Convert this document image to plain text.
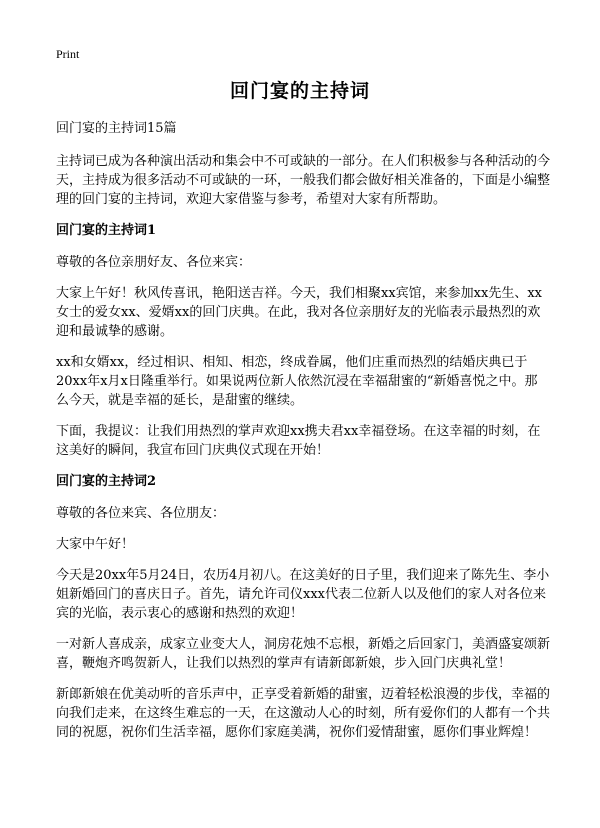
Print
回门宴的主持词

回门宴的主持词15篇

主持词已成为各种演出活动和集会中不可或缺的一部分。在人们积极参与各种活动的今天，主持成为很多活动不可或缺的一环，一般我们都会做好相关准备的，下面是小编整理的回门宴的主持词，欢迎大家借鉴与参考，希望对大家有所帮助。

回门宴的主持词1

尊敬的各位亲朋好友、各位来宾：

大家上午好！秋风传喜讯，艳阳送吉祥。今天，我们相聚xx宾馆，来参加xx先生、xx女士的爱女xx、爱婿xx的回门庆典。在此，我对各位亲朋好友的光临表示最热烈的欢迎和最诚挚的感谢。

xx和女婿xx，经过相识、相知、相恋，终成眷属，他们庄重而热烈的结婚庆典已于20xx年x月x日隆重举行。如果说两位新人依然沉浸在幸福甜蜜的“新婚喜悦之中。那么今天，就是幸福的延长，是甜蜜的继续。

下面，我提议：让我们用热烈的掌声欢迎xx携夫君xx幸福登场。在这幸福的时刻，在这美好的瞬间，我宣布回门庆典仪式现在开始！

回门宴的主持词2

尊敬的各位来宾、各位朋友：

大家中午好！

今天是20xx年5月24日，农历4月初八。在这美好的日子里，我们迎来了陈先生、李小姐新婚回门的喜庆日子。首先，请允许司仪xxx代表二位新人以及他们的家人对各位来宾的光临，表示衷心的感谢和热烈的欢迎！

一对新人喜成亲，成家立业变大人，洞房花烛不忘根，新婚之后回家门，美酒盛宴颂新喜，鞭炮齐鸣贺新人，让我们以热烈的掌声有请新郎新娘，步入回门庆典礼堂！

新郎新娘在优美动听的音乐声中，正享受着新婚的甜蜜，迈着轻松浪漫的步伐，幸福的向我们走来，在这终生难忘的一天，在这激动人心的时刻，所有爱你们的人都有一个共同的祝愿，祝你们生活幸福，愿你们家庭美满，祝你们爱情甜蜜，愿你们事业辉煌！
